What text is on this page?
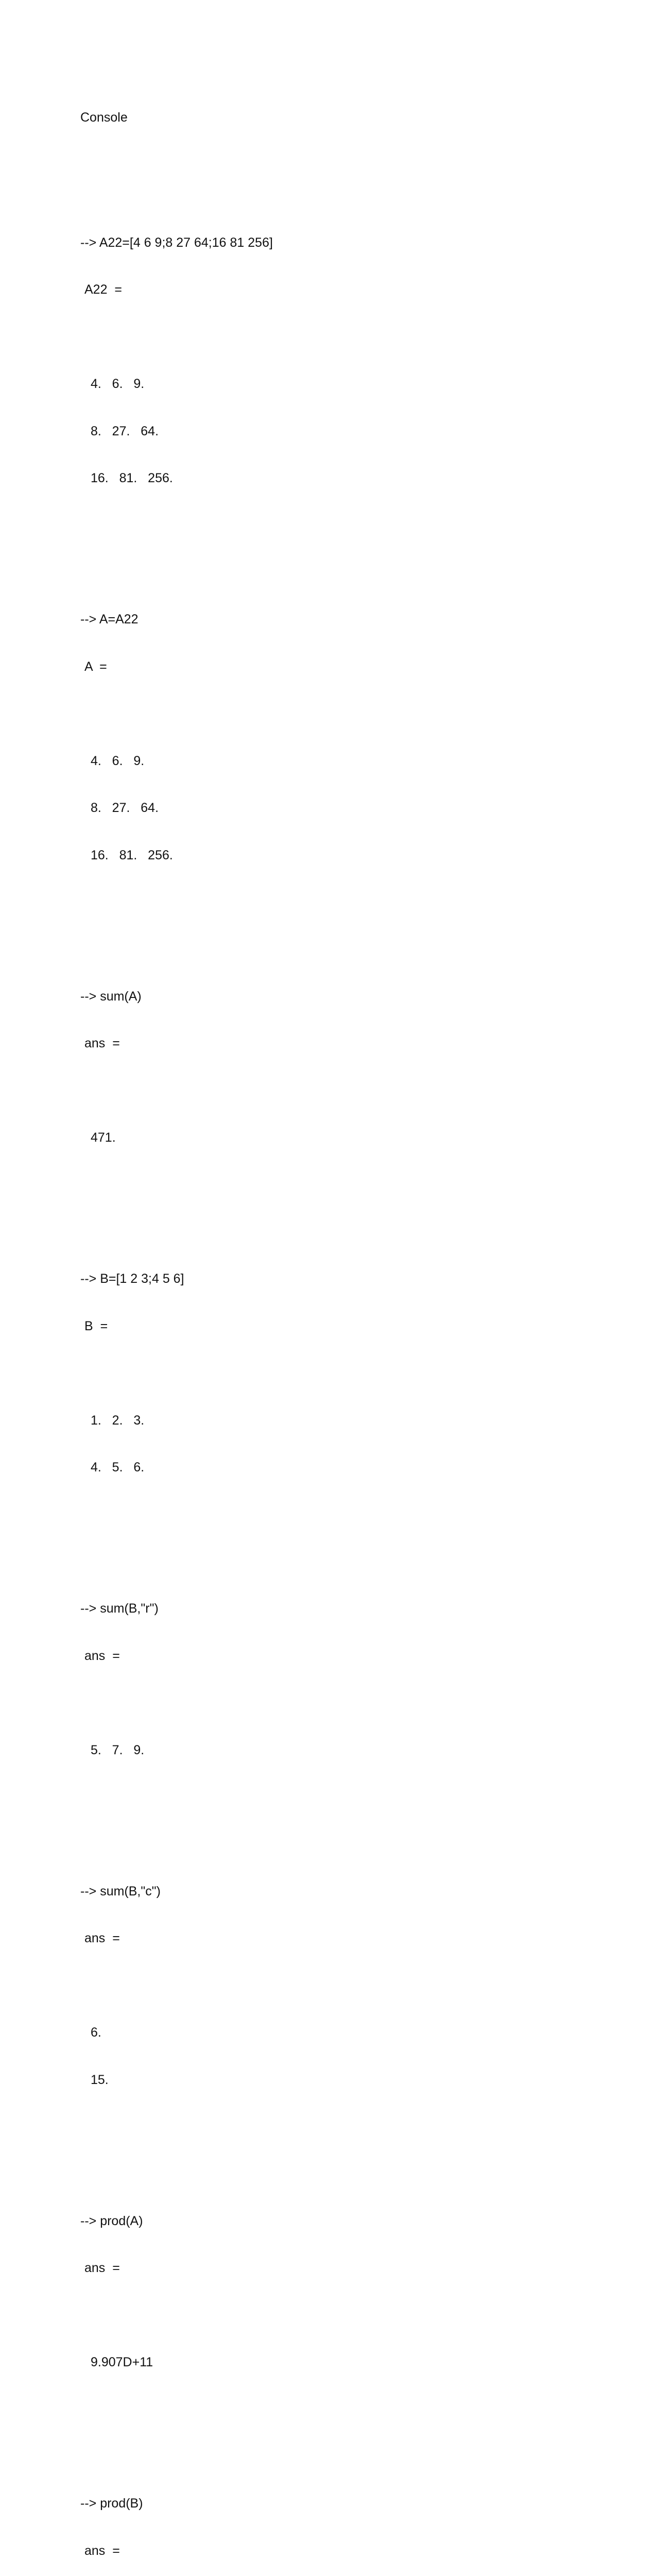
Console

--> A22=[4 6 9;8 27 64;16 81 256]

A22  =

4.   6.   9.

8.   27.   64.

16.   81.   256.

--> A=A22

A  =

4.   6.   9.

8.   27.   64.

16.   81.   256.

--> sum(A)

ans  =

471.

--> B=[1 2 3;4 5 6]

B  =

1.   2.   3.

4.   5.   6.

--> sum(B,"r")

ans  =

5.   7.   9.

--> sum(B,"c")

ans  =

6.

15.

--> prod(A)

ans  =

9.907D+11

--> prod(B)

ans  =
